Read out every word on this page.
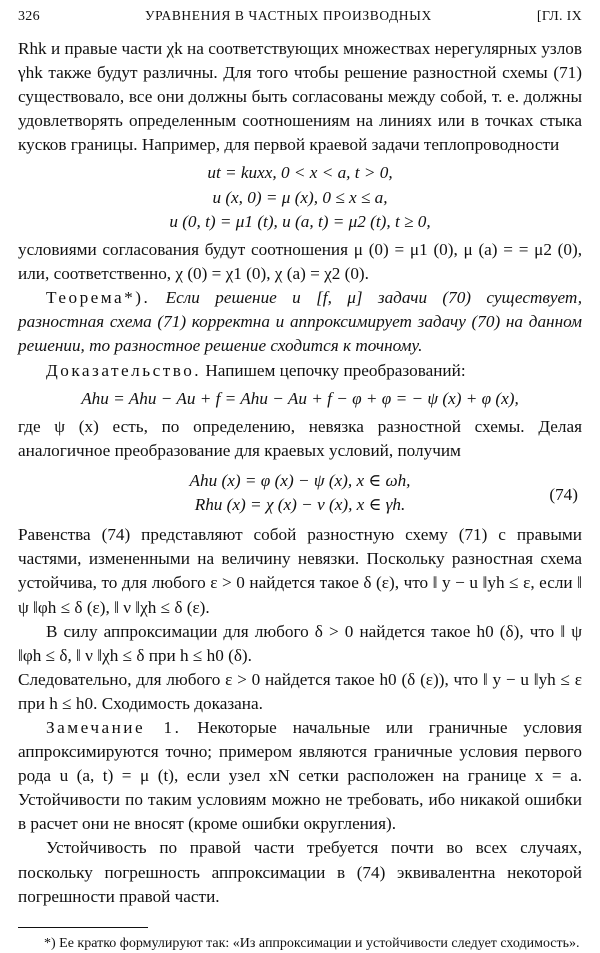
326	УРАВНЕНИЯ В ЧАСТНЫХ ПРОИЗВОДНЫХ	[ГЛ. IX

Rhk и правые части χk на соответствующих множествах нерегулярных узлов γhk также будут различны. Для того чтобы решение разностной схемы (71) существовало, все они должны быть согласованы между собой, т. е. должны удовлетворять определенным соотношениям на линиях или в точках стыка кусков границы. Например, для первой краевой задачи теплопроводности

ut = kuxx, 0 < x < a, t > 0,
u (x, 0) = μ (x), 0 ≤ x ≤ a,
u (0, t) = μ1 (t), u (a, t) = μ2 (t), t ≥ 0,

условиями согласования будут соотношения μ (0) = μ1 (0), μ (a) = = μ2 (0), или, соответственно, χ (0) = χ1 (0), χ (a) = χ2 (0).

Теорема*). Если решение u [f, μ] задачи (70) существует, разностная схема (71) корректна и аппроксимирует задачу (70) на данном решении, то разностное решение сходится к точному.

Доказательство. Напишем цепочку преобразований:

Ahu = Ahu − Au + f = Ahu − Au + f − φ + φ = − ψ (x) + φ (x),

где ψ (x) есть, по определению, невязка разностной схемы. Делая аналогичное преобразование для краевых условий, получим

Ahu (x) = φ (x) − ψ (x), x ∈ ωh,
Rhu (x) = χ (x) − ν (x), x ∈ γh.
(74)

Равенства (74) представляют собой разностную схему (71) с правыми частями, измененными на величину невязки. Поскольку разностная схема устойчива, то для любого ε > 0 найдется такое δ (ε), что ‖ y − u ‖yh ≤ ε, если ‖ ψ ‖φh ≤ δ (ε), ‖ ν ‖χh ≤ δ (ε).

В силу аппроксимации для любого δ > 0 найдется такое h0 (δ), что ‖ ψ ‖φh ≤ δ, ‖ ν ‖χh ≤ δ при h ≤ h0 (δ).

Следовательно, для любого ε > 0 найдется такое h0 (δ (ε)), что ‖ y − u ‖yh ≤ ε при h ≤ h0. Сходимость доказана.

Замечание 1. Некоторые начальные или граничные условия аппроксимируются точно; примером являются граничные условия первого рода u (a, t) = μ (t), если узел xN сетки расположен на границе x = a. Устойчивости по таким условиям можно не требовать, ибо никакой ошибки в расчет они не вносят (кроме ошибки округления).

Устойчивость по правой части требуется почти во всех случаях, поскольку погрешность аппроксимации в (74) эквивалентна некоторой погрешности правой части.

*) Ее кратко формулируют так: «Из аппроксимации и устойчивости следует сходимость».
